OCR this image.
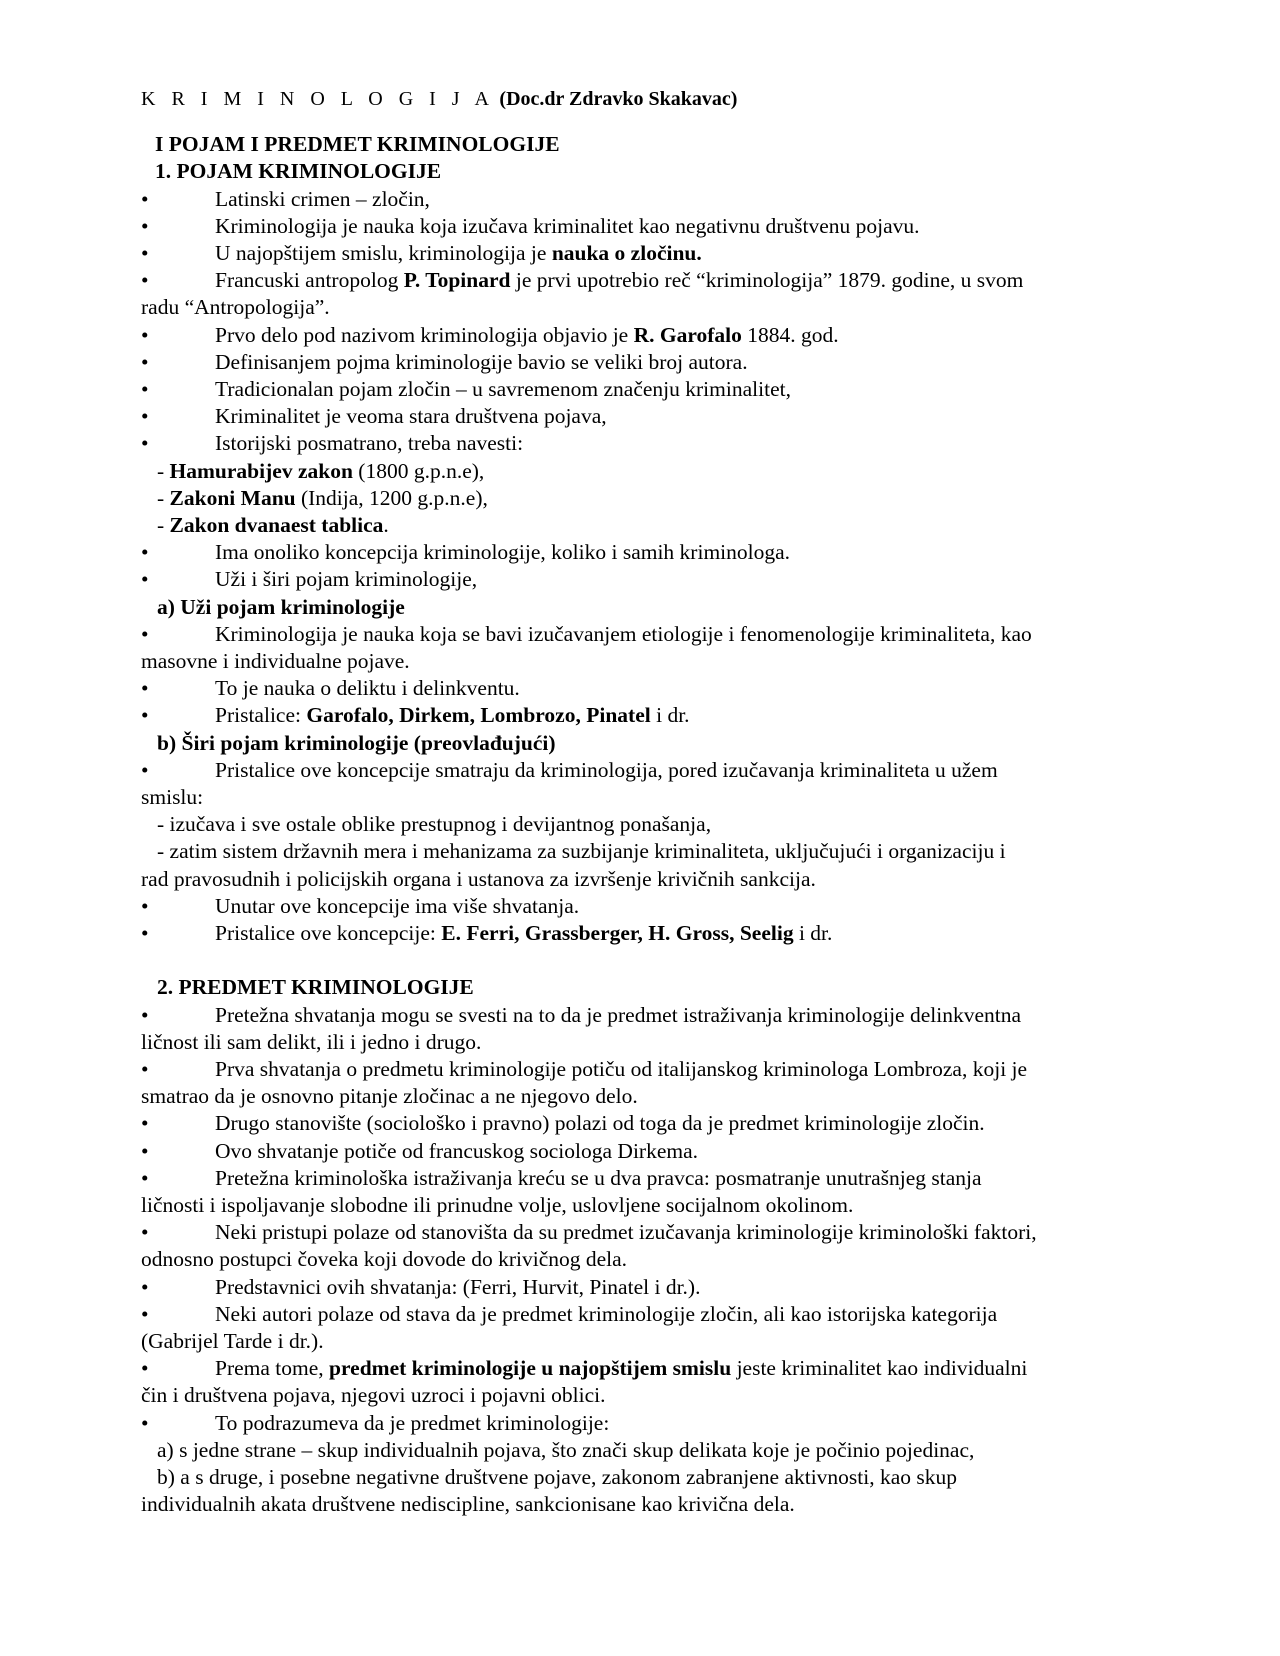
K R I M I N O L O G I J A (Doc.dr Zdravko Skakavac)
I POJAM I PREDMET KRIMINOLOGIJE
1. POJAM KRIMINOLOGIJE
•	Latinski crimen – zločin,
•	Kriminologija je nauka koja izučava kriminalitet kao negativnu društvenu pojavu.
•	U najopštijem smislu, kriminologija je nauka o zločinu.
•	Francuski antropolog P. Topinard je prvi upotrebio reč “kriminologija” 1879. godine, u svom
radu “Antropologija”.
•	Prvo delo pod nazivom kriminologija objavio je R. Garofalo 1884. god.
•	Definisanjem pojma kriminologije bavio se veliki broj autora.
•	Tradicionalan pojam zločin – u savremenom značenju kriminalitet,
•	Kriminalitet je veoma stara društvena pojava,
•	Istorijski posmatrano, treba navesti:
- Hamurabijev zakon (1800 g.p.n.e),
- Zakoni Manu (Indija, 1200 g.p.n.e),
- Zakon dvanaest tablica.
•	Ima onoliko koncepcija kriminologije, koliko i samih kriminologa.
•	Uži i širi pojam kriminologije,
a) Uži pojam kriminologije
•	Kriminologija je nauka koja se bavi izučavanjem etiologije i fenomenologije kriminaliteta, kao
masovne i individualne pojave.
•	To je nauka o deliktu i delinkventu.
•	Pristalice: Garofalo, Dirkem, Lombrozo, Pinatel i dr.
b) Širi pojam kriminologije (preovlađujući)
•	Pristalice ove koncepcije smatraju da kriminologija, pored izučavanja kriminaliteta u užem
smislu:
- izučava i sve ostale oblike prestupnog i devijantnog ponašanja,
- zatim sistem državnih mera i mehanizama za suzbijanje kriminaliteta, uključujući i organizaciju i
rad pravosudnih i policijskih organa i ustanova za izvršenje krivičnih sankcija.
•	Unutar ove koncepcije ima više shvatanja.
•	Pristalice ove koncepcije: E. Ferri, Grassberger, H. Gross, Seelig i dr.
2. PREDMET KRIMINOLOGIJE
•	Pretežna shvatanja mogu se svesti na to da je predmet istraživanja kriminologije delinkventna
ličnost ili sam delikt, ili i jedno i drugo.
•	Prva shvatanja o predmetu kriminologije potiču od italijanskog kriminologa Lombroza, koji je
smatrao da je osnovno pitanje zločinac a ne njegovo delo.
•	Drugo stanovište (sociološko i pravno) polazi od toga da je predmet kriminologije zločin.
•	Ovo shvatanje potiče od francuskog sociologa Dirkema.
•	Pretežna kriminološka istraživanja kreću se u dva pravca: posmatranje unutrašnjeg stanja
ličnosti i ispoljavanje slobodne ili prinudne volje, uslovljene socijalnom okolinom.
•	Neki pristupi polaze od stanovišta da su predmet izučavanja kriminologije kriminološki faktori,
odnosno postupci čoveka koji dovode do krivičnog dela.
•	Predstavnici ovih shvatanja: (Ferri, Hurvit, Pinatel i dr.).
•	Neki autori polaze od stava da je predmet kriminologije zločin, ali kao istorijska kategorija
(Gabrijel Tarde i dr.).
•	Prema tome, predmet kriminologije u najopštijem smislu jeste kriminalitet kao individualni
čin i društvena pojava, njegovi uzroci i pojavni oblici.
•	To podrazumeva da je predmet kriminologije:
a) s jedne strane – skup individualnih pojava, što znači skup delikata koje je počinio pojedinac,
b) a s druge, i posebne negativne društvene pojave, zakonom zabranjene aktivnosti, kao skup
individualnih akata društvene nediscipline, sankcionisane kao krivična dela.
